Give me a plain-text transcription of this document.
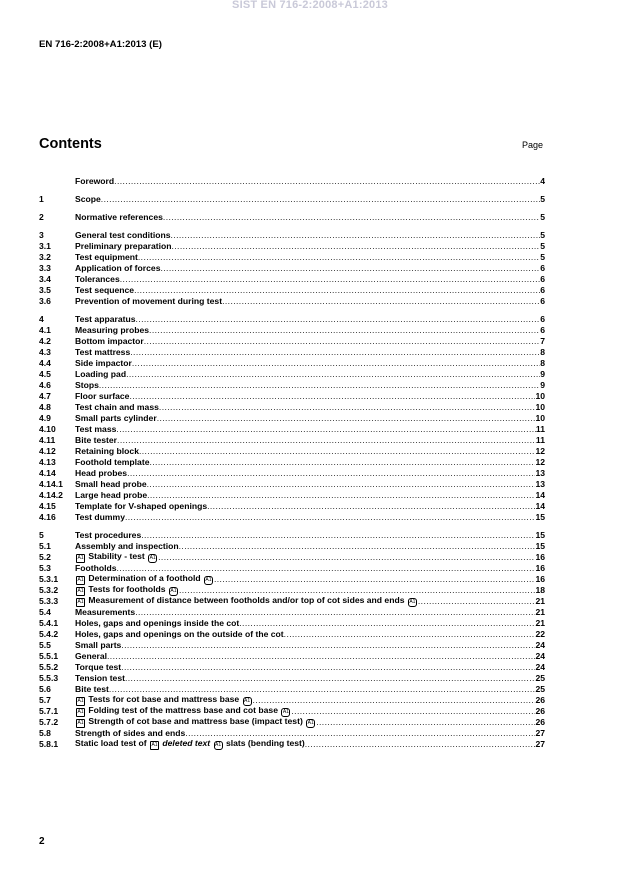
SIST EN 716-2:2008+A1:2013
EN 716-2:2008+A1:2013 (E)
Contents	Page
Foreword .....	4
1	Scope .....	5
2	Normative references .....	5
3	General test conditions .....	5
3.1	Preliminary preparation .....	5
3.2	Test equipment .....	5
3.3	Application of forces .....	6
3.4	Tolerances .....	6
3.5	Test sequence .....	6
3.6	Prevention of movement during test .....	6
4	Test apparatus .....	6
4.1	Measuring probes .....	6
4.2	Bottom impactor .....	7
4.3	Test mattress .....	8
4.4	Side impactor .....	8
4.5	Loading pad .....	9
4.6	Stops .....	9
4.7	Floor surface .....	10
4.8	Test chain and mass .....	10
4.9	Small parts cylinder .....	10
4.10	Test mass .....	11
4.11	Bite tester .....	11
4.12	Retaining block .....	12
4.13	Foothold template .....	12
4.14	Head probes .....	13
4.14.1	Small head probe .....	13
4.14.2	Large head probe .....	14
4.15	Template for V-shaped openings .....	14
4.16	Test dummy .....	15
5	Test procedures .....	15
5.1	Assembly and inspection .....	15
5.2	A1 Stability - test A1 .....	16
5.3	Footholds .....	16
5.3.1	A1 Determination of a foothold A1 .....	16
5.3.2	A1 Tests for footholds A1 .....	18
5.3.3	A1 Measurement of distance between footholds and/or top of cot sides and ends A1 .....	21
5.4	Measurements .....	21
5.4.1	Holes, gaps and openings inside the cot .....	21
5.4.2	Holes, gaps and openings on the outside of the cot .....	22
5.5	Small parts .....	24
5.5.1	General .....	24
5.5.2	Torque test .....	24
5.5.3	Tension test .....	25
5.6	Bite test .....	25
5.7	A1 Tests for cot base and mattress base A1 .....	26
5.7.1	A1 Folding test of the mattress base and cot base A1 .....	26
5.7.2	A1 Strength of cot base and mattress base (impact test) A1 .....	26
5.8	Strength of sides and ends .....	27
5.8.1	Static load test of A1 deleted text A1 slats (bending test) .....	27
2
